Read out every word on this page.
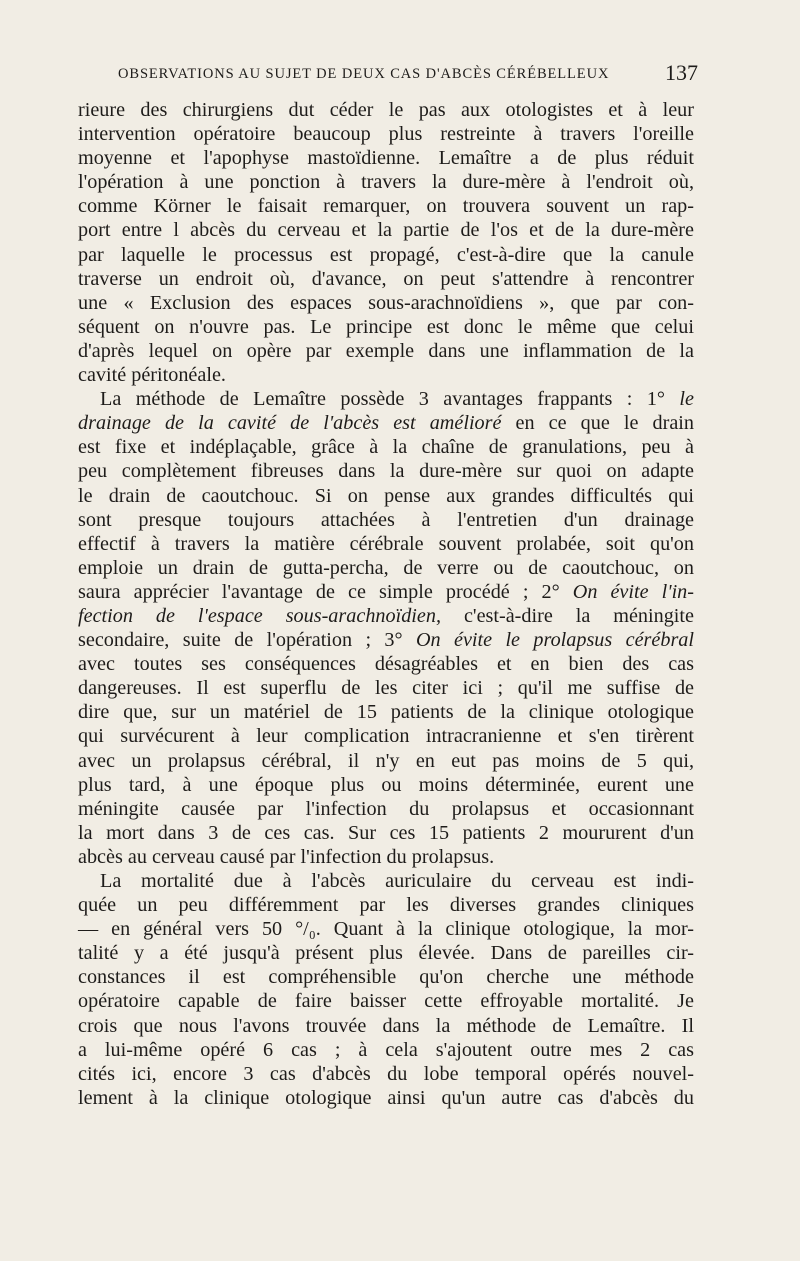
OBSERVATIONS AU SUJET DE DEUX CAS D'ABCÈS CÉRÉBELLEUX	137
rieure des chirurgiens dut céder le pas aux otologistes et à leur
intervention opératoire beaucoup plus restreinte à travers l'oreille
moyenne et l'apophyse mastoïdienne. Lemaître a de plus réduit
l'opération à une ponction à travers la dure-mère à l'endroit où,
comme Körner le faisait remarquer, on trouvera souvent un rap-
port entre l abcès du cerveau et la partie de l'os et de la dure-mère
par laquelle le processus est propagé, c'est-à-dire que la canule
traverse un endroit où, d'avance, on peut s'attendre à rencontrer
une « Exclusion des espaces sous-arachnoïdiens », que par con-
séquent on n'ouvre pas. Le principe est donc le même que celui
d'après lequel on opère par exemple dans une inflammation de la
cavité péritonéale.
La méthode de Lemaître possède 3 avantages frappants : 1° le
drainage de la cavité de l'abcès est amélioré en ce que le drain
est fixe et indéplaçable, grâce à la chaîne de granulations, peu à
peu complètement fibreuses dans la dure-mère sur quoi on adapte
le drain de caoutchouc. Si on pense aux grandes difficultés qui
sont presque toujours attachées à l'entretien d'un drainage
effectif à travers la matière cérébrale souvent prolabée, soit qu'on
emploie un drain de gutta-percha, de verre ou de caoutchouc, on
saura apprécier l'avantage de ce simple procédé ; 2° On évite l'in-
fection de l'espace sous-arachnoïdien, c'est-à-dire la méningite
secondaire, suite de l'opération ; 3° On évite le prolapsus cérébral
avec toutes ses conséquences désagréables et en bien des cas
dangereuses. Il est superflu de les citer ici ; qu'il me suffise de
dire que, sur un matériel de 15 patients de la clinique otologique
qui survécurent à leur complication intracranienne et s'en tirèrent
avec un prolapsus cérébral, il n'y en eut pas moins de 5 qui,
plus tard, à une époque plus ou moins déterminée, eurent une
méningite causée par l'infection du prolapsus et occasionnant
la mort dans 3 de ces cas. Sur ces 15 patients 2 moururent d'un
abcès au cerveau causé par l'infection du prolapsus.
La mortalité due à l'abcès auriculaire du cerveau est indi-
quée un peu différemment par les diverses grandes cliniques
— en général vers 50 °/₀. Quant à la clinique otologique, la mor-
talité y a été jusqu'à présent plus élevée. Dans de pareilles cir-
constances il est compréhensible qu'on cherche une méthode
opératoire capable de faire baisser cette effroyable mortalité. Je
crois que nous l'avons trouvée dans la méthode de Lemaître. Il
a lui-même opéré 6 cas ; à cela s'ajoutent outre mes 2 cas
cités ici, encore 3 cas d'abcès du lobe temporal opérés nouvel-
lement à la clinique otologique ainsi qu'un autre cas d'abcès du
